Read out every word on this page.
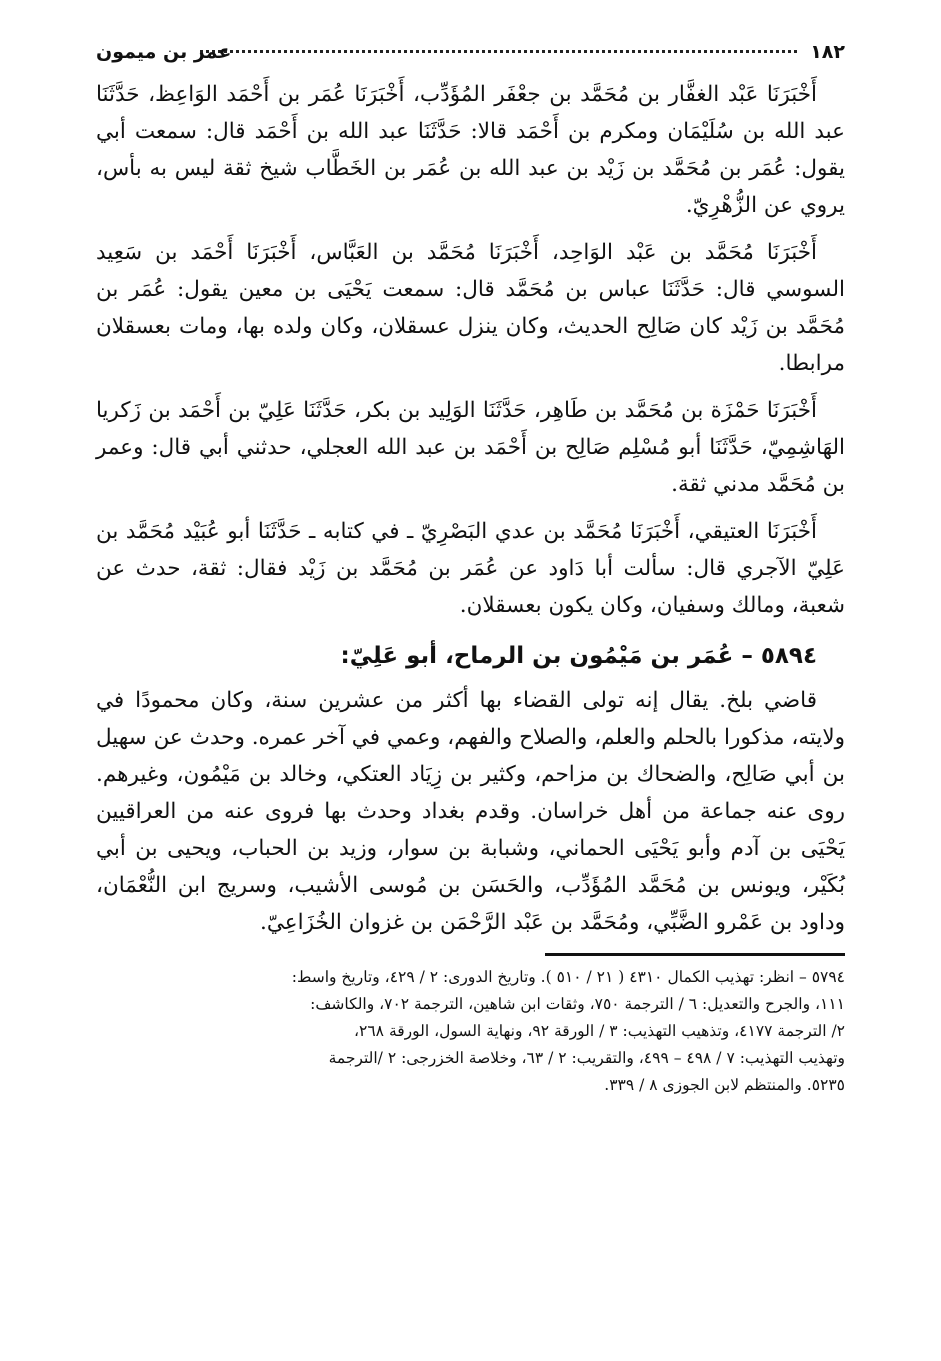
١٨٢
عمر بن ميمون

أَخْبَرَنَا عَبْد الغفَّار بن مُحَمَّد بن جعْفَر المُؤَدِّب، أَخْبَرَنَا عُمَر بن أَحْمَد الوَاعِظ، حَدَّثَنَا عبد الله بن سُلَيْمَان ومكرم بن أَحْمَد قالا: حَدَّثَنَا عبد الله بن أَحْمَد قال: سمعت أبي يقول: عُمَر بن مُحَمَّد بن زَيْد بن عبد الله بن عُمَر بن الخَطَّاب شيخ ثقة ليس به بأس، يروي عن الزُّهْرِيّ.

أَخْبَرَنَا مُحَمَّد بن عَبْد الوَاحِد، أَخْبَرَنَا مُحَمَّد بن العَبَّاس، أَخْبَرَنَا أَحْمَد بن سَعِيد السوسي قال: حَدَّثَنَا عباس بن مُحَمَّد قال: سمعت يَحْيَى بن معين يقول: عُمَر بن مُحَمَّد بن زَيْد كان صَالِح الحديث، وكان ينزل عسقلان، وكان ولده بها، ومات بعسقلان مرابطا.

أَخْبَرَنَا حَمْزَة بن مُحَمَّد بن طَاهِر، حَدَّثَنَا الوَلِيد بن بكر، حَدَّثَنَا عَلِيّ بن أَحْمَد بن زَكريا الهَاشِمِيّ، حَدَّثَنَا أبو مُسْلِم صَالِح بن أَحْمَد بن عبد الله العجلي، حدثني أبي قال: وعمر بن مُحَمَّد مدني ثقة.

أَخْبَرَنَا العتيقي، أَخْبَرَنَا مُحَمَّد بن عدي البَصْرِيّ ـ في كتابه ـ حَدَّثَنَا أبو عُبَيْد مُحَمَّد بن عَلِيّ الآجري قال: سألت أبا دَاود عن عُمَر بن مُحَمَّد بن زَيْد فقال: ثقة، حدث عن شعبة، ومالك وسفيان، وكان يكون بعسقلان.

٥٨٩٤ – عُمَر بن مَيْمُون بن الرماح، أبو عَلِيّ:

قاضي بلخ. يقال إنه تولى القضاء بها أكثر من عشرين سنة، وكان محمودًا في ولايته، مذكورا بالحلم والعلم، والصلاح والفهم، وعمي في آخر عمره. وحدث عن سهيل بن أبي صَالِح، والضحاك بن مزاحم، وكثير بن زِيَاد العتكي، وخالد بن مَيْمُون، وغيرهم. روى عنه جماعة من أهل خراسان. وقدم بغداد وحدث بها فروى عنه من العراقيين يَحْيَى بن آدم وأبو يَحْيَى الحماني، وشبابة بن سوار، وزيد بن الحباب، ويحيى بن أبي بُكَيْر، ويونس بن مُحَمَّد المُؤَدِّب، والحَسَن بن مُوسى الأشيب، وسريج ابن النُّعْمَان، وداود بن عَمْرو الضَّبِّي، ومُحَمَّد بن عَبْد الرَّحْمَن بن غزوان الخُزَاعِيّ.

٥٧٩٤ – انظر: تهذيب الكمال ٤٣١٠ ( ٢١ / ٥١٠ ). وتاريخ الدورى: ٢ / ٤٢٩، وتاريخ واسط:

١١١، والجرح والتعديل: ٦ / الترجمة ٧٥٠، وثقات ابن شاهين، الترجمة ٧٠٢، والكاشف:

٢/ الترجمة ٤١٧٧، وتذهيب التهذيب: ٣ / الورقة ٩٢، ونهاية السول، الورقة ٢٦٨،

وتهذيب التهذيب: ٧ / ٤٩٨ – ٤٩٩، والتقريب: ٢ / ٦٣، وخلاصة الخزرجى: ٢ /الترجمة

٥٢٣٥. والمنتظم لابن الجوزى ٨ / ٣٣٩.
